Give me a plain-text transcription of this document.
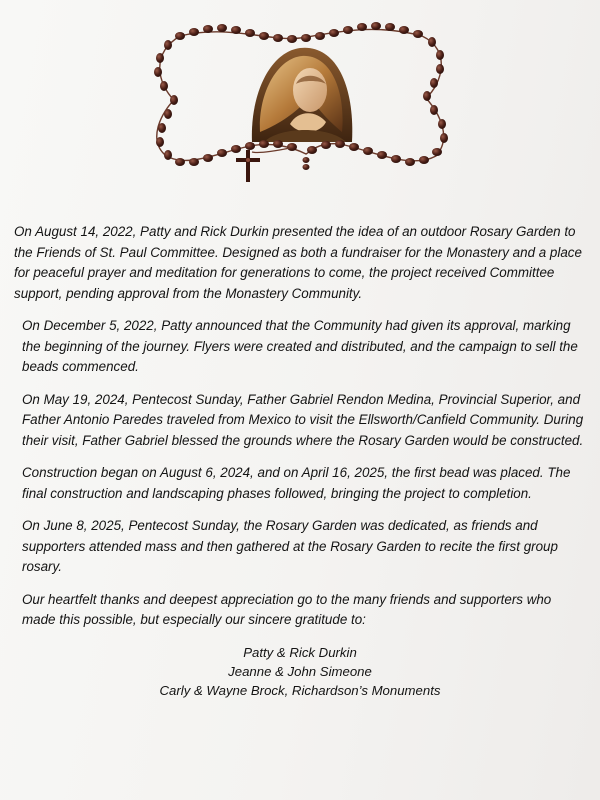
On August 14, 2022, Patty and Rick Durkin presented the idea of an outdoor Rosary Garden to the Friends of St. Paul Committee. Designed as both a fundraiser for the Monastery and a place for peaceful prayer and meditation for generations to come, the project received Committee support, pending approval from the Monastery Community.

On December 5, 2022, Patty announced that the Community had given its approval, marking the beginning of the journey. Flyers were created and distributed, and the campaign to sell the beads commenced.

On May 19, 2024, Pentecost Sunday, Father Gabriel Rendon Medina, Provincial Superior, and Father Antonio Paredes traveled from Mexico to visit the Ellsworth/Canfield Community. During their visit, Father Gabriel blessed the grounds where the Rosary Garden would be constructed.

Construction began on August 6, 2024, and on April 16, 2025, the first bead was placed. The final construction and landscaping phases followed, bringing the project to completion.

On June 8, 2025, Pentecost Sunday, the Rosary Garden was dedicated, as friends and supporters attended mass and then gathered at the Rosary Garden to recite the first group rosary.

Our heartfelt thanks and deepest appreciation go to the many friends and supporters who made this possible, but especially our sincere gratitude to:

Patty & Rick Durkin
Jeanne & John Simeone
Carly & Wayne Brock, Richardson’s Monuments
